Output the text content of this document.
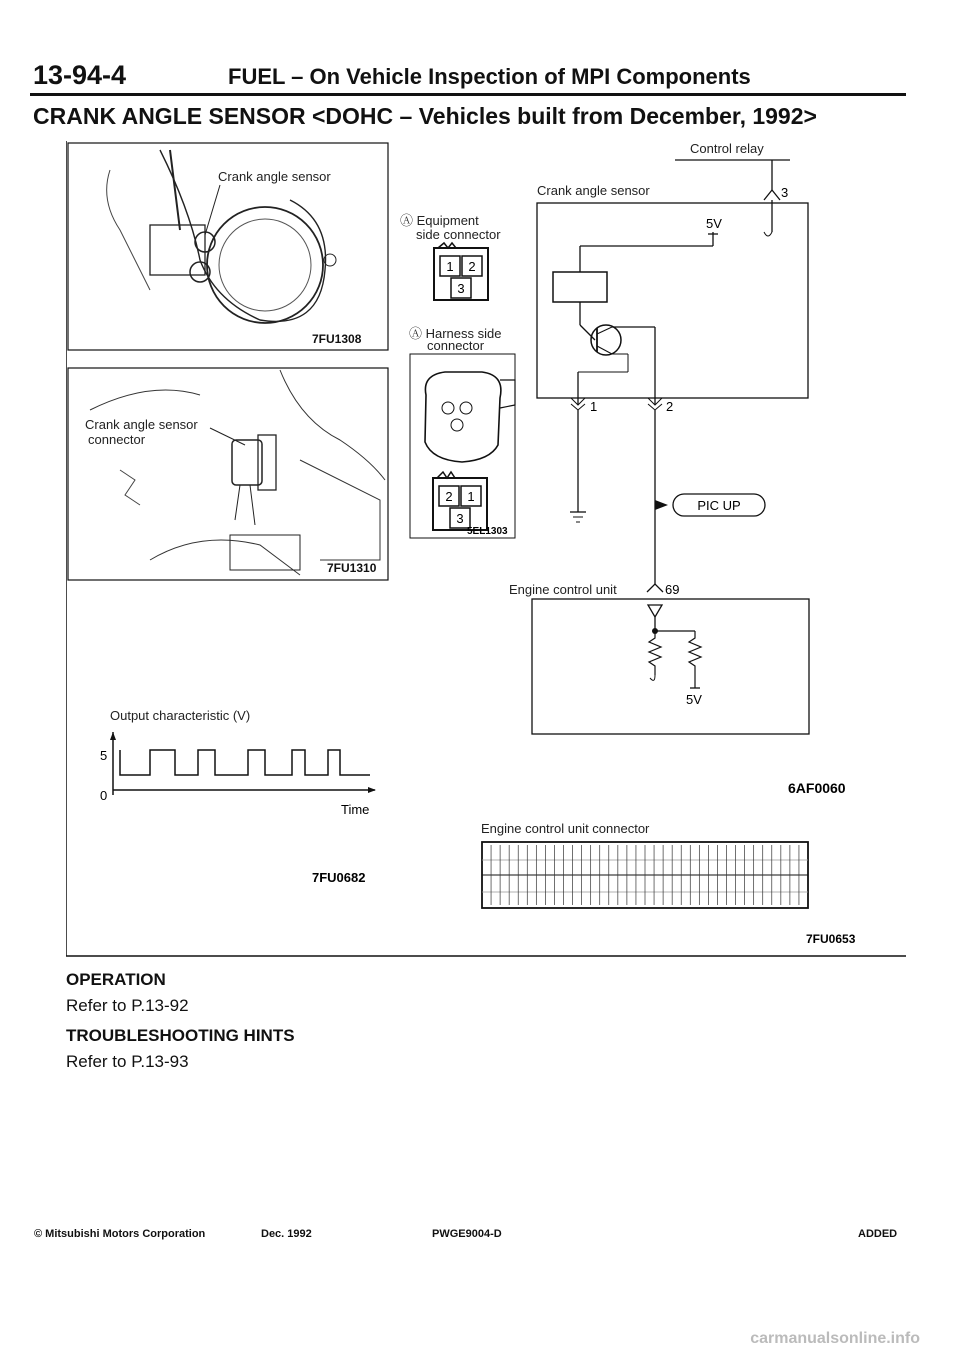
13-94-4	FUEL – On Vehicle Inspection of MPI Components
CRANK ANGLE SENSOR <DOHC – Vehicles built from December, 1992>
Crank angle sensor
7FU1308
Crank angle sensor
connector
7FU1310
Ⓐ Equipment
side connector
1 2
3
Ⓐ Harness side
connector
2 1
3
5EL1303
Control relay
Crank angle sensor	3
5V
1	2
PIC UP
Engine control unit	69
5V
6AF0060
Output characteristic (V)
5
0
Time
7FU0682
Engine control unit connector
7FU0653
OPERATION
Refer to P.13-92
TROUBLESHOOTING HINTS
Refer to P.13-93
© Mitsubishi Motors Corporation	Dec. 1992	PWGE9004-D	ADDED
carmanualsonline.info
